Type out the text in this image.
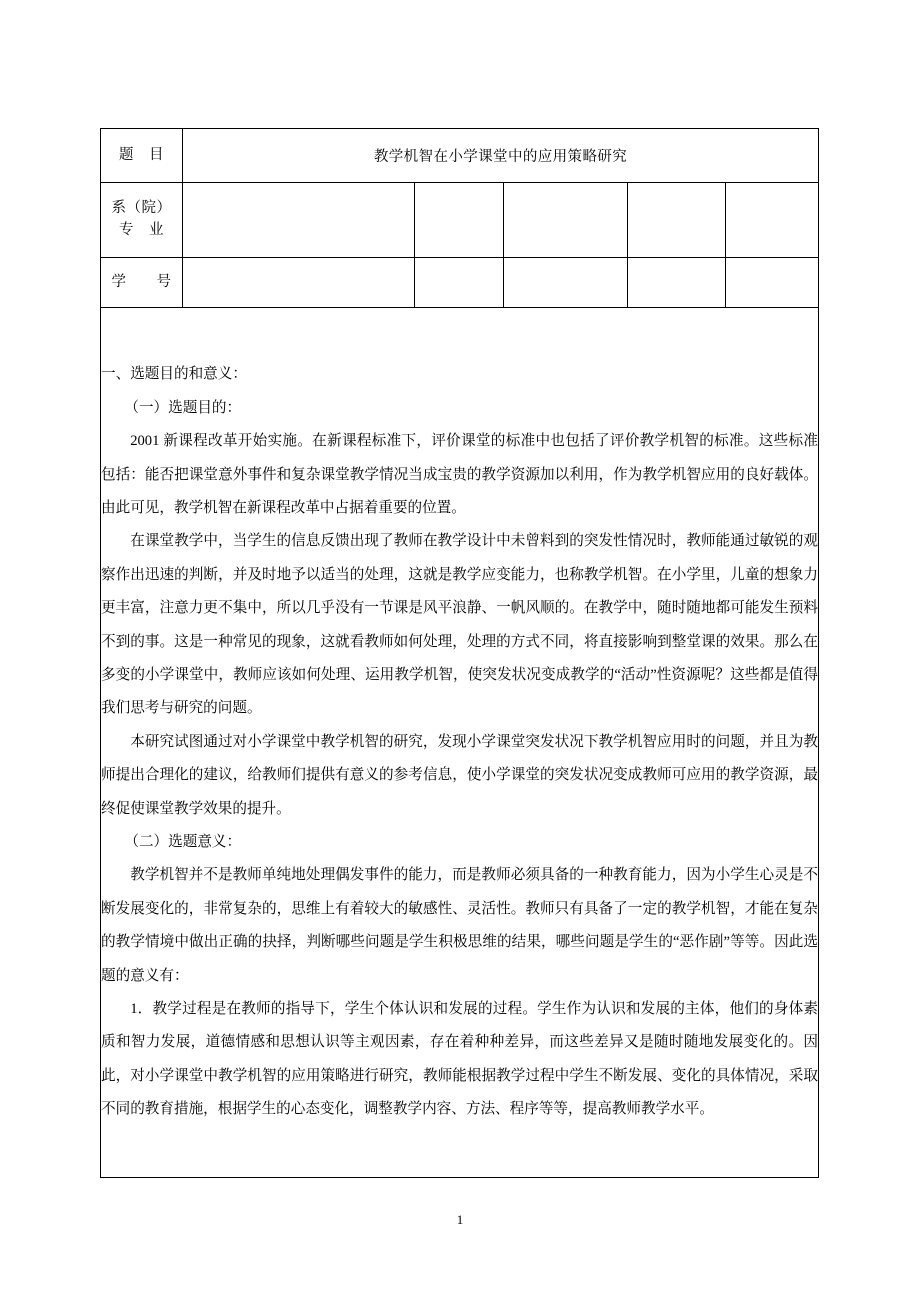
题　目	教学机智在小学课堂中的应用策略研究				

系（院）
专　业					

学　　号					

一、选题目的和意义：

（一）选题目的：

2001 新课程改革开始实施。在新课程标准下，评价课堂的标准中也包括了评价教学机智的标准。这些标准包括：能否把课堂意外事件和复杂课堂教学情况当成宝贵的教学资源加以利用，作为教学机智应用的良好载体。由此可见，教学机智在新课程改革中占据着重要的位置。

在课堂教学中，当学生的信息反馈出现了教师在教学设计中未曾料到的突发性情况时，教师能通过敏锐的观察作出迅速的判断，并及时地予以适当的处理，这就是教学应变能力，也称教学机智。在小学里，儿童的想象力更丰富，注意力更不集中，所以几乎没有一节课是风平浪静、一帆风顺的。在教学中，随时随地都可能发生预料不到的事。这是一种常见的现象，这就看教师如何处理，处理的方式不同，将直接影响到整堂课的效果。那么在多变的小学课堂中，教师应该如何处理、运用教学机智，使突发状况变成教学的“活动”性资源呢？这些都是值得我们思考与研究的问题。

本研究试图通过对小学课堂中教学机智的研究，发现小学课堂突发状况下教学机智应用时的问题，并且为教师提出合理化的建议，给教师们提供有意义的参考信息，使小学课堂的突发状况变成教师可应用的教学资源，最终促使课堂教学效果的提升。

（二）选题意义：

教学机智并不是教师单纯地处理偶发事件的能力，而是教师必须具备的一种教育能力，因为小学生心灵是不断发展变化的，非常复杂的，思维上有着较大的敏感性、灵活性。教师只有具备了一定的教学机智，才能在复杂的教学情境中做出正确的抉择，判断哪些问题是学生积极思维的结果，哪些问题是学生的“恶作剧”等等。因此选题的意义有：

1．教学过程是在教师的指导下，学生个体认识和发展的过程。学生作为认识和发展的主体，他们的身体素质和智力发展，道德情感和思想认识等主观因素，存在着种种差异，而这些差异又是随时随地发展变化的。因此，对小学课堂中教学机智的应用策略进行研究，教师能根据教学过程中学生不断发展、变化的具体情况，采取不同的教育措施，根据学生的心态变化，调整教学内容、方法、程序等等，提高教师教学水平。

1
